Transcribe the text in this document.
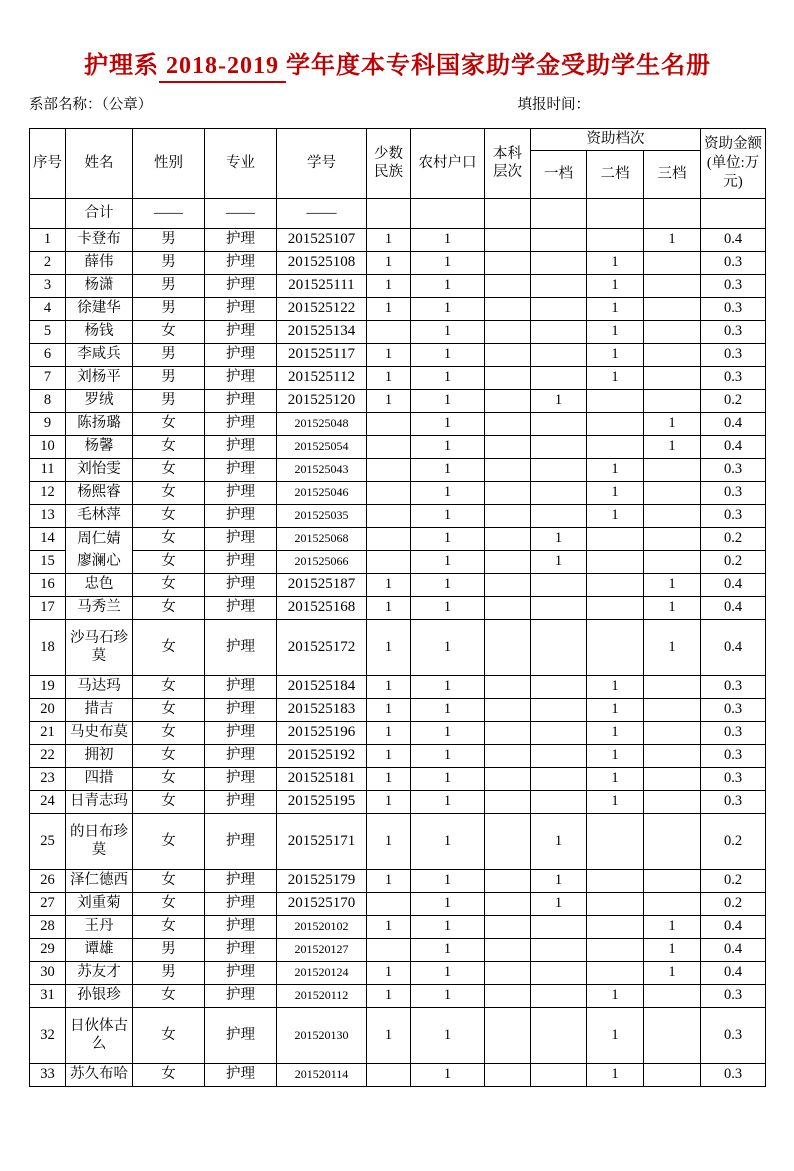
护理系 2018-2019 学年度本专科国家助学金受助学生名册
系部名称：（公章）	填报时间：
序号	姓名	性别	专业	学号	少数民族	农村户口	本科层次	资助档次			资助金额(单位:万元)
								一档	二档	三档	
	合计	——	——	——							
1	卡登布	男	护理	201525107	1	1				1	0.4
2	薛伟	男	护理	201525108	1	1			1		0.3
3	杨潇	男	护理	201525111	1	1			1		0.3
4	徐建华	男	护理	201525122	1	1			1		0.3
5	杨钱	女	护理	201525134		1			1		0.3
6	李咸兵	男	护理	201525117	1	1			1		0.3
7	刘杨平	男	护理	201525112	1	1			1		0.3
8	罗绒	男	护理	201525120	1	1		1			0.2
9	陈扬璐	女	护理	201525048		1				1	0.4
10	杨馨	女	护理	201525054		1				1	0.4
11	刘怡雯	女	护理	201525043		1			1		0.3
12	杨熙睿	女	护理	201525046		1			1		0.3
13	毛林萍	女	护理	201525035		1			1		0.3
14	周仁婧	女	护理	201525068		1		1			0.2
15	廖澜心	女	护理	201525066		1		1			0.2
16	忠色	女	护理	201525187	1	1				1	0.4
17	马秀兰	女	护理	201525168	1	1				1	0.4
18	沙马石珍莫	女	护理	201525172	1	1				1	0.4
19	马达玛	女	护理	201525184	1	1			1		0.3
20	措吉	女	护理	201525183	1	1			1		0.3
21	马史布莫	女	护理	201525196	1	1			1		0.3
22	拥初	女	护理	201525192	1	1			1		0.3
23	四措	女	护理	201525181	1	1			1		0.3
24	日青志玛	女	护理	201525195	1	1			1		0.3
25	的日布珍莫	女	护理	201525171	1	1		1			0.2
26	泽仁德西	女	护理	201525179	1	1		1			0.2
27	刘重菊	女	护理	201525170		1		1			0.2
28	王丹	女	护理	201520102	1	1				1	0.4
29	谭雄	男	护理	201520127		1				1	0.4
30	苏友才	男	护理	201520124	1	1				1	0.4
31	孙银珍	女	护理	201520112	1	1			1		0.3
32	日伙体古么	女	护理	201520130	1	1			1		0.3
33	苏久布哈	女	护理	201520114		1			1		0.3
